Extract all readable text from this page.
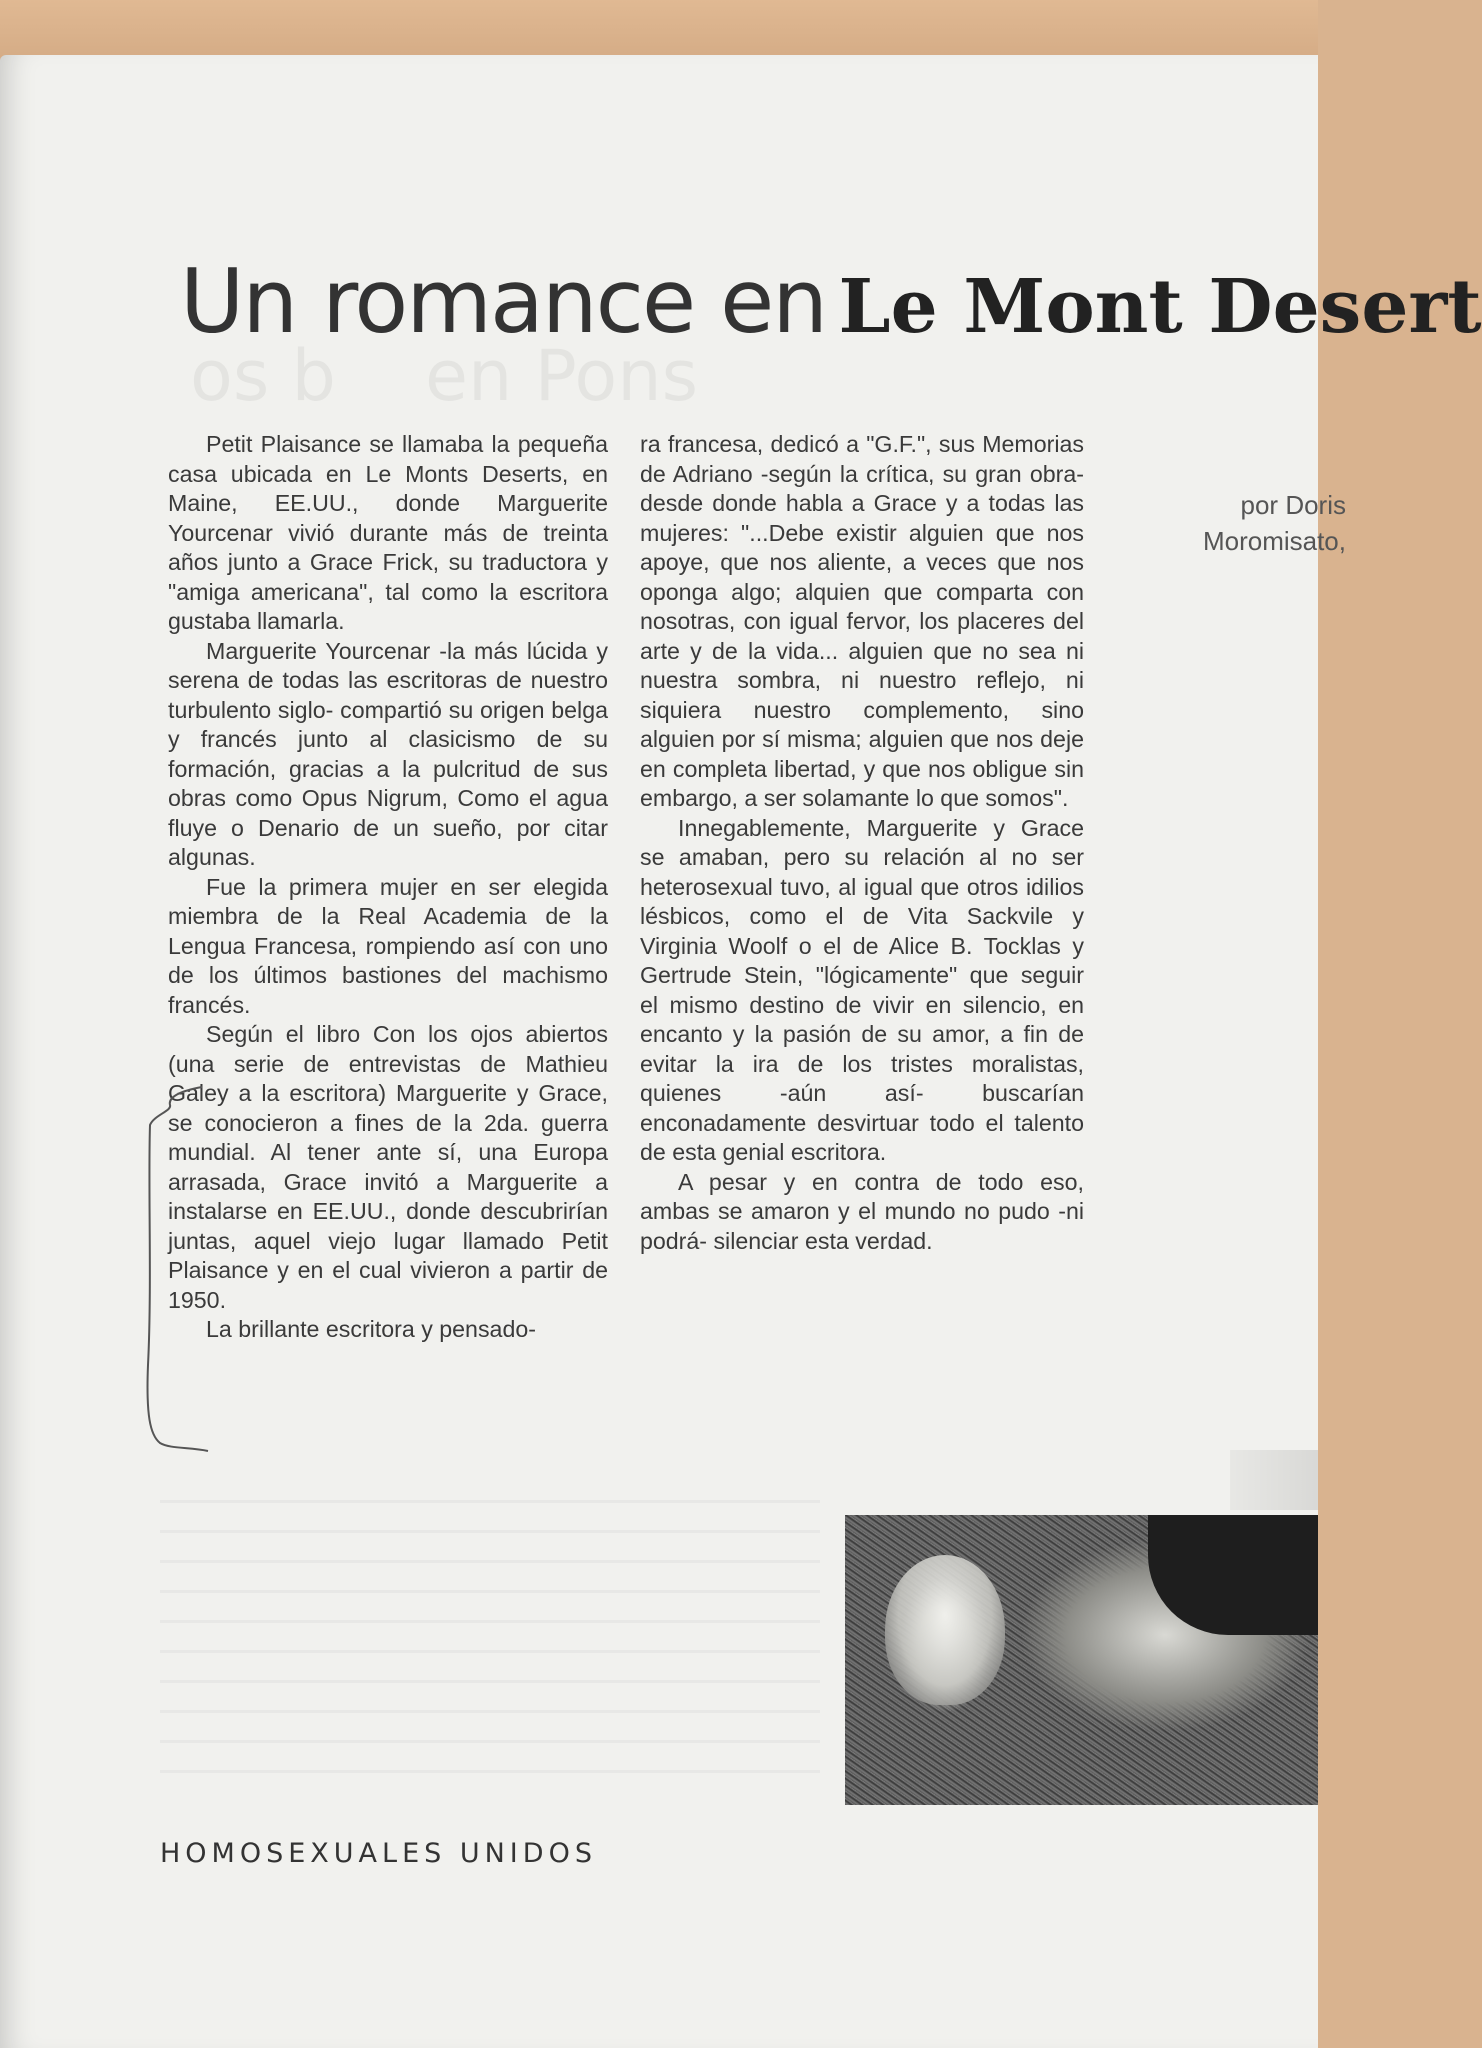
os b    en Pons
Un romance en Le Mont Desert
por Doris
Moromisato,

Petit Plaisance se llamaba la pequeña casa ubicada en Le Monts Deserts, en Maine, EE.UU., donde Marguerite Yourcenar vivió durante más de treinta años junto a Grace Frick, su traductora y "amiga americana", tal como la escritora gustaba llamarla.

Marguerite Yourcenar -la más lúcida y serena de todas las escritoras de nuestro turbulento siglo- compartió su origen belga y francés junto al clasicismo de su formación, gracias a la pulcritud de sus obras como Opus Nigrum, Como el agua fluye o Denario de un sueño, por citar algunas.

Fue la primera mujer en ser elegida miembra de la Real Academia de la Lengua Francesa, rompiendo así con uno de los últimos bastiones del machismo francés.

Según el libro Con los ojos abiertos (una serie de entrevistas de Mathieu Galey a la escritora) Marguerite y Grace, se conocieron a fines de la 2da. guerra mundial. Al tener ante sí, una Europa arrasada, Grace invitó a Marguerite a instalarse en EE.UU., donde descubrirían juntas, aquel viejo lugar llamado Petit Plaisance y en el cual vivieron a partir de 1950.

La brillante escritora y pensado-

ra francesa, dedicó a "G.F.", sus Memorias de Adriano -según la crítica, su gran obra- desde donde habla a Grace y a todas las mujeres: "...Debe existir alguien que nos apoye, que nos aliente, a veces que nos oponga algo; alquien que comparta con nosotras, con igual fervor, los placeres del arte y de la vida... alguien que no sea ni nuestra sombra, ni nuestro reflejo, ni siquiera nuestro complemento, sino alguien por sí misma; alguien que nos deje en completa libertad, y que nos obligue sin embargo, a ser solamante lo que somos".

Innegablemente, Marguerite y Grace se amaban, pero su relación al no ser heterosexual tuvo, al igual que otros idilios lésbicos, como el de Vita Sackvile y Virginia Woolf o el de Alice B. Tocklas y Gertrude Stein, "lógicamente" que seguir el mismo destino de vivir en silencio, en encanto y la pasión de su amor, a fin de evitar la ira de los tristes moralistas, quienes -aún así- buscarían enconadamente desvirtuar todo el talento de esta genial escritora.

A pesar y en contra de todo eso, ambas se amaron y el mundo no pudo -ni podrá- silenciar esta verdad.

HOMOSEXUALES UNIDOS
